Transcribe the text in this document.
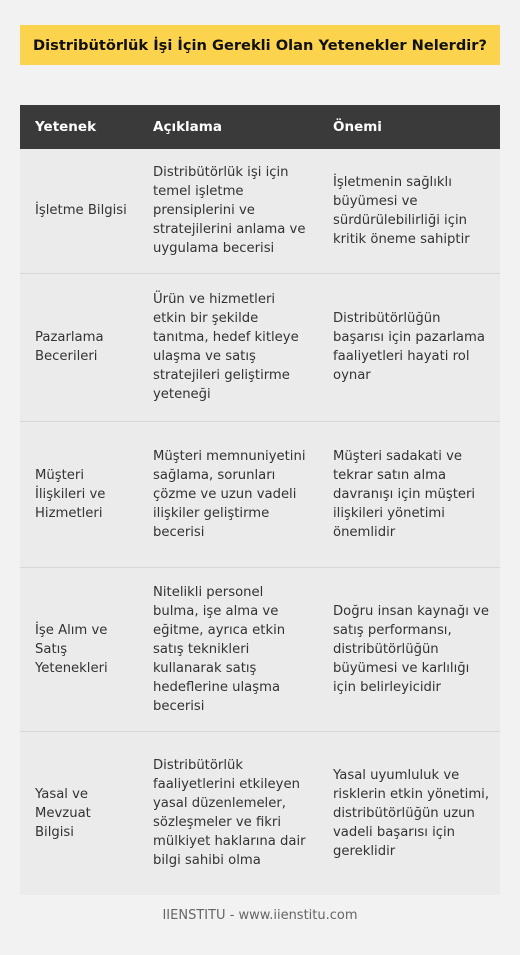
Distribütörlük İşi İçin Gerekli Olan Yetenekler Nelerdir?
Yetenek	Açıklama	Önemi
İşletme Bilgisi	Distribütörlük işi için temel işletme prensiplerini ve stratejilerini anlama ve uygulama becerisi	İşletmenin sağlıklı büyümesi ve sürdürülebilirliği için kritik öneme sahiptir
Pazarlama Becerileri	Ürün ve hizmetleri etkin bir şekilde tanıtma, hedef kitleye ulaşma ve satış stratejileri geliştirme yeteneği	Distribütörlüğün başarısı için pazarlama faaliyetleri hayati rol oynar
Müşteri İlişkileri ve Hizmetleri	Müşteri memnuniyetini sağlama, sorunları çözme ve uzun vadeli ilişkiler geliştirme becerisi	Müşteri sadakati ve tekrar satın alma davranışı için müşteri ilişkileri yönetimi önemlidir
İşe Alım ve Satış Yetenekleri	Nitelikli personel bulma, işe alma ve eğitme, ayrıca etkin satış teknikleri kullanarak satış hedeflerine ulaşma becerisi	Doğru insan kaynağı ve satış performansı, distribütörlüğün büyümesi ve karlılığı için belirleyicidir
Yasal ve Mevzuat Bilgisi	Distribütörlük faaliyetlerini etkileyen yasal düzenlemeler, sözleşmeler ve fikri mülkiyet haklarına dair bilgi sahibi olma	Yasal uyumluluk ve risklerin etkin yönetimi, distribütörlüğün uzun vadeli başarısı için gereklidir
IIENSTITU - www.iienstitu.com
